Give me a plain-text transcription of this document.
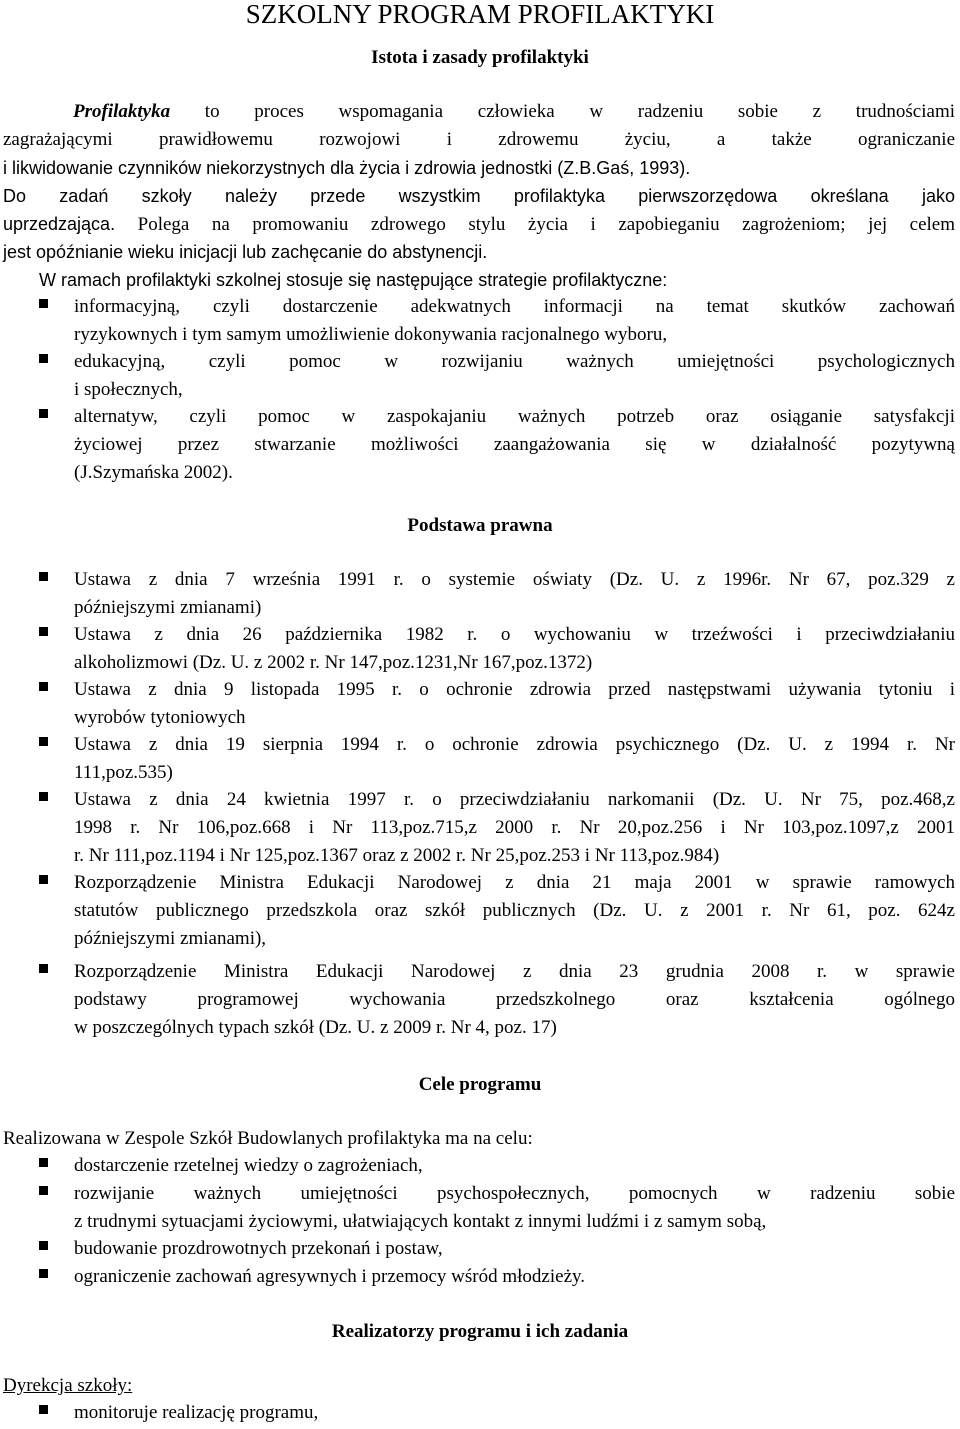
SZKOLNY PROGRAM PROFILAKTYKI
Istota i zasady profilaktyki
Profilaktyka to proces wspomagania człowieka w radzeniu sobie z trudnościami
zagrażającymi prawidłowemu rozwojowi i zdrowemu życiu, a także ograniczanie
i likwidowanie czynników niekorzystnych dla życia i zdrowia jednostki (Z.B.Gaś, 1993).
Do zadań szkoły należy przede wszystkim profilaktyka pierwszorzędowa określana jako
uprzedzająca. Polega na promowaniu zdrowego stylu życia i zapobieganiu zagrożeniom; jej celem
jest opóźnianie wieku inicjacji lub zachęcanie do abstynencji.
W ramach profilaktyki szkolnej stosuje się następujące strategie profilaktyczne:
informacyjną, czyli dostarczenie adekwatnych informacji na temat skutków zachowań
ryzykownych i tym samym umożliwienie dokonywania racjonalnego wyboru,
edukacyjną, czyli pomoc w rozwijaniu ważnych umiejętności psychologicznych
i społecznych,
alternatyw, czyli pomoc w zaspokajaniu ważnych potrzeb oraz osiąganie satysfakcji
życiowej przez stwarzanie możliwości zaangażowania się w działalność pozytywną
(J.Szymańska 2002).
Podstawa prawna
Ustawa z dnia 7 września 1991 r. o systemie oświaty (Dz. U. z 1996r. Nr 67, poz.329 z
późniejszymi zmianami)
Ustawa z dnia 26 października 1982 r. o wychowaniu w trzeźwości i przeciwdziałaniu
alkoholizmowi (Dz. U. z 2002 r. Nr 147,poz.1231,Nr 167,poz.1372)
Ustawa z dnia 9 listopada 1995 r. o ochronie zdrowia przed następstwami używania tytoniu i
wyrobów tytoniowych
Ustawa z dnia 19 sierpnia 1994 r. o ochronie zdrowia psychicznego (Dz. U. z 1994 r. Nr
111,poz.535)
Ustawa z dnia 24 kwietnia 1997 r. o przeciwdziałaniu narkomanii (Dz. U. Nr 75, poz.468,z
1998 r. Nr 106,poz.668 i Nr 113,poz.715,z 2000 r. Nr 20,poz.256 i Nr 103,poz.1097,z 2001
r. Nr 111,poz.1194 i Nr 125,poz.1367 oraz z 2002 r. Nr 25,poz.253 i Nr 113,poz.984)
Rozporządzenie Ministra Edukacji Narodowej z dnia 21 maja 2001 w sprawie ramowych
statutów publicznego przedszkola oraz szkół publicznych (Dz. U. z 2001 r. Nr 61, poz. 624z
późniejszymi zmianami),
Rozporządzenie Ministra Edukacji Narodowej z dnia 23 grudnia 2008 r. w sprawie
podstawy programowej wychowania przedszkolnego oraz kształcenia ogólnego
w poszczególnych typach szkół (Dz. U. z 2009 r. Nr 4, poz. 17)
Cele programu
Realizowana w Zespole Szkół Budowlanych profilaktyka ma na celu:
dostarczenie rzetelnej wiedzy o zagrożeniach,
rozwijanie ważnych umiejętności psychospołecznych, pomocnych w radzeniu sobie
z trudnymi sytuacjami życiowymi, ułatwiających kontakt z innymi ludźmi i z samym sobą,
budowanie prozdrowotnych przekonań i postaw,
ograniczenie zachowań agresywnych i przemocy wśród młodzieży.
Realizatorzy programu i ich zadania
Dyrekcja szkoły:
monitoruje realizację programu,
